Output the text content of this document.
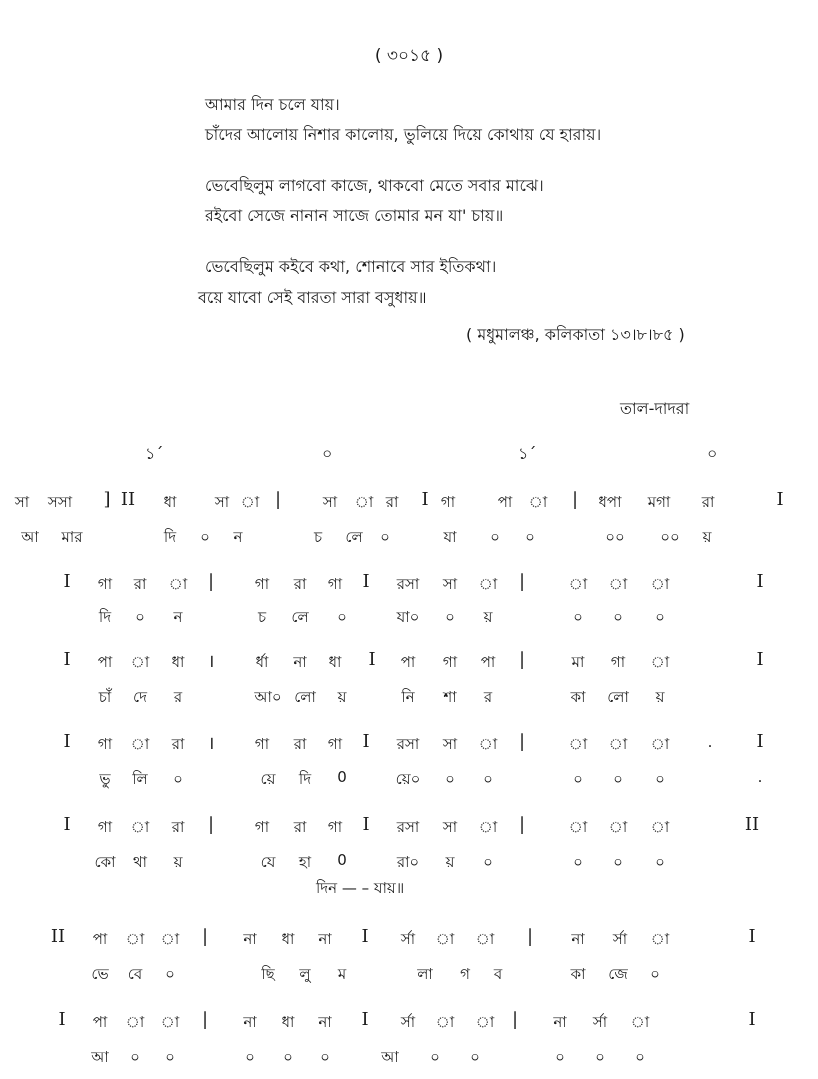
( ৩০১৫ )
আমার দিন চলে যায়।
চাঁদের আলোয় নিশার কালোয়, ভুলিয়ে দিয়ে কোথায় যে হারায়।
ভেবেছিলুম লাগবো কাজে, থাকবো মেতে সবার মাঝে।
রইবো সেজে নানান সাজে তোমার মন যা' চায়॥
ভেবেছিলুম কইবে কথা, শোনাবে সার ইতিকথা।
বয়ে যাবো সেই বারতা সারা বসুধায়॥
( মধুমালঞ্চ, কলিকাতা ১৩।৮।৮৫ )
তাল-দাদরা
১´	০	১´	০
সা সসা ] II ধা	সা া |	সা া রা I গা	পা া | ধপা মগা রা	I
আ মার	দি ০ ন	চ লে ০	যা ০ ০	০০ ০০ য়
I গা রা া |	গা রা গা I রসা সা া |	া া া	I
দি ০ ন	চ লে ০	যা০ ০ য়	০ ০ ০
I পা া ধা ।	র্ধা না ধা I পা গা পা |	মা গা া	I
চাঁ দে র	আ০ লো য়	নি শা র	কা লো য়
I গা া রা ।	গা রা গা I রসা সা া |	া া া	. I
ভু লি ০	য়ে দি 0	য়ে০ ০ ০	০ ০ ০	.
I গা া রা |	গা রা গা I রসা সা া |	া া া	II
কো থা য়	যে হা 0	রা০ য় ০	০ ০ ০
II পা া া | না ধা না I র্সা া া |	না র্সা া	I
ভে বে ০	ছি লু ম	লা গ ব	কা জে ০
I পা া া | না ধা না I র্সা া া | না র্সা া	I
আ ০ ০	০ ০ ০	আ ০ ০	০ ০ ০
দিন — – যায়॥
